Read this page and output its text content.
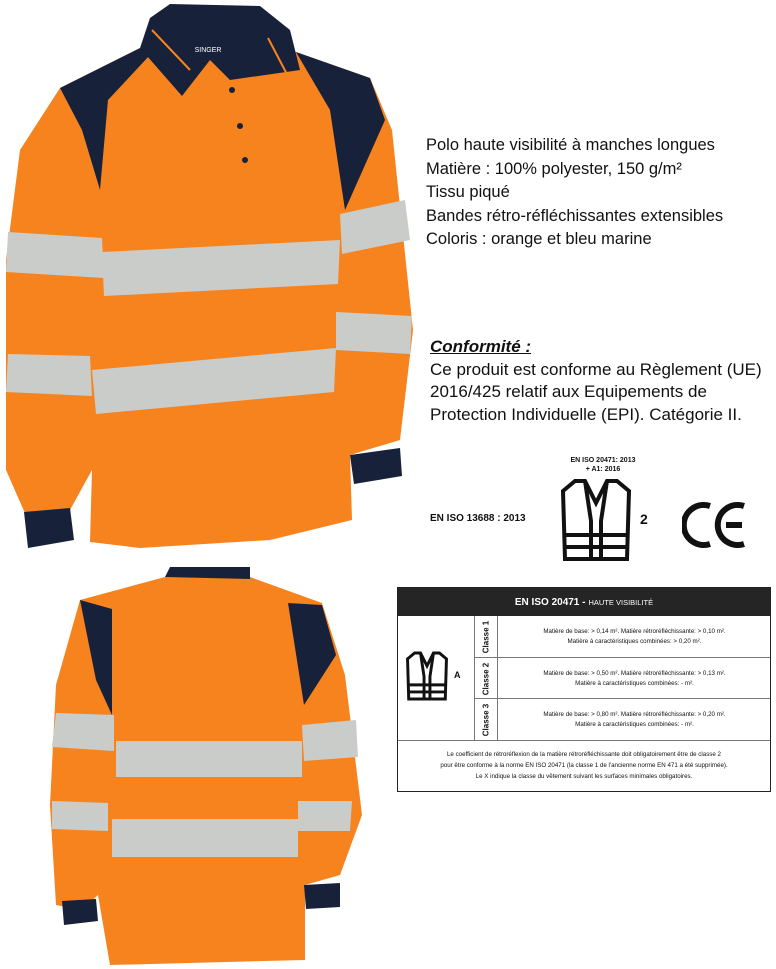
SINGER
Polo haute visibilité à manches longues
Matière : 100% polyester, 150 g/m²
Tissu piqué
Bandes rétro-réfléchissantes extensibles
Coloris : orange et bleu marine
Conformité :
Ce produit est conforme au Règlement (UE) 2016/425 relatif aux Equipements de Protection Individuelle (EPI). Catégorie II.
EN ISO 20471: 2013
+ A1: 2016
2
EN ISO 13688 : 2013
EN ISO 20471 - HAUTE VISIBILITÉ
A
Classe 1	Matière de base: > 0,14 m². Matière rétroréfléchissante: > 0,10 m².
Matière à caractéristiques combinées: > 0,20 m².
Classe 2	Matière de base: > 0,50 m². Matière rétroréfléchissante: > 0,13 m².
Matière à caractéristiques combinées: - m².
Classe 3	Matière de base: > 0,80 m². Matière rétroréfléchissante: > 0,20 m².
Matière à caractéristiques combinées: - m².
Le coefficient de rétroréflexion de la matière rétroréfléchissante doit obligatoirement être de classe 2
pour être conforme à la norme EN ISO 20471 (la classe 1 de l'ancienne norme EN 471 a été supprimée).
Le X indique la classe du vêtement suivant les surfaces minimales obligatoires.
